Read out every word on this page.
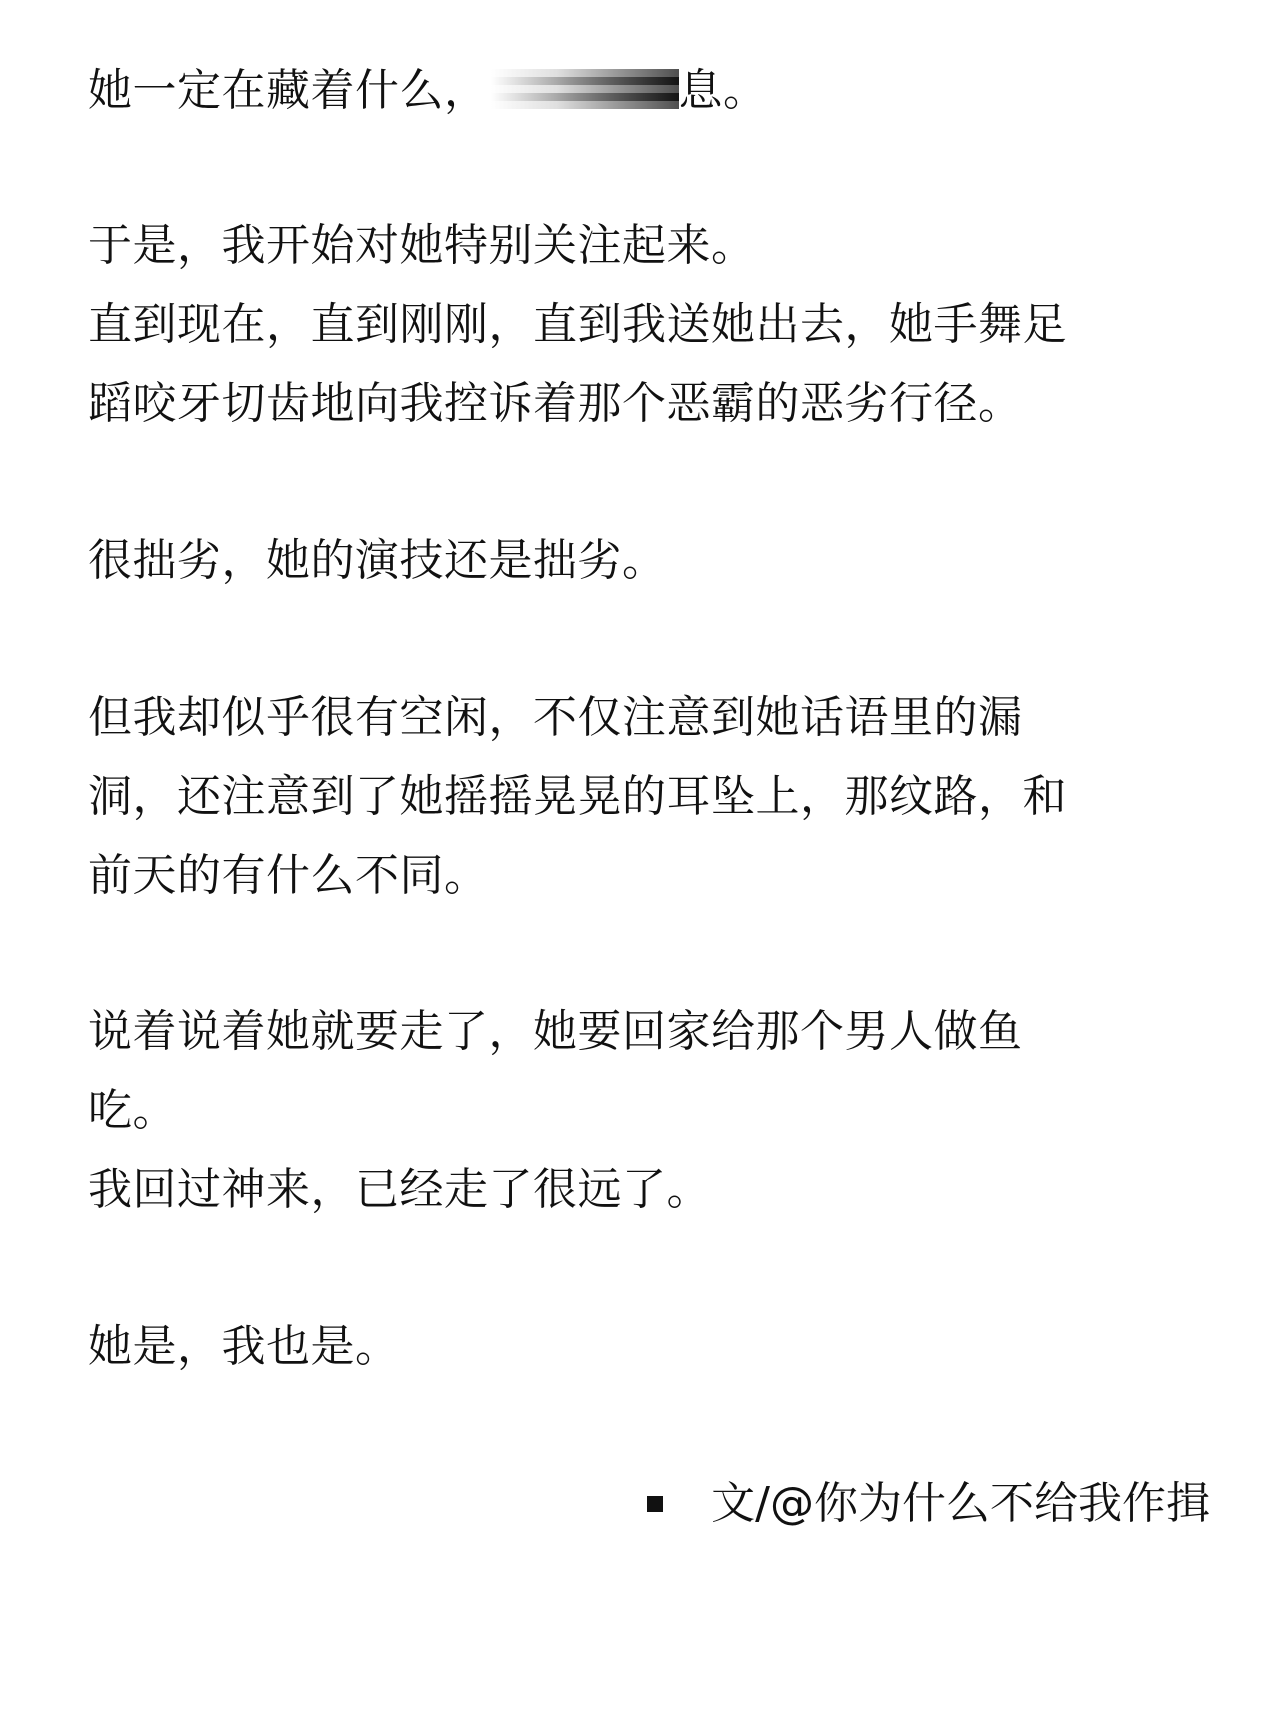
她一定在藏着什么，	息。
于是，我开始对她特别关注起来。
直到现在，直到刚刚，直到我送她出去，她手舞足
蹈咬牙切齿地向我控诉着那个恶霸的恶劣行径。
很拙劣，她的演技还是拙劣。
但我却似乎很有空闲，不仅注意到她话语里的漏
洞，还注意到了她摇摇晃晃的耳坠上，那纹路，和
前天的有什么不同。
说着说着她就要走了，她要回家给那个男人做鱼
吃。
我回过神来，已经走了很远了。
她是，我也是。
文/@你为什么不给我作揖
